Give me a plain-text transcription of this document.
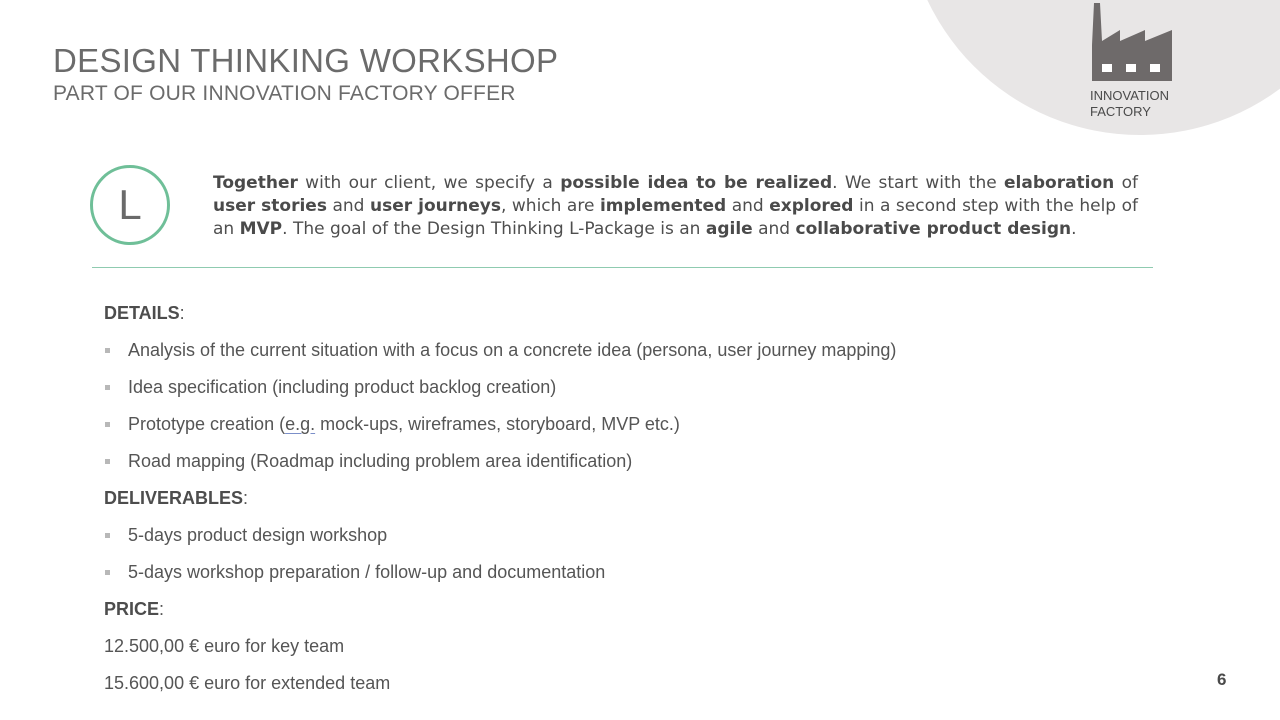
INNOVATION
FACTORY
DESIGN THINKING WORKSHOP
PART OF OUR INNOVATION FACTORY OFFER
L	Together with our client, we specify a possible idea to be realized. We start with the elaboration of user stories and user journeys, which are implemented and explored in a second step with the help of an MVP. The goal of the Design Thinking L-Package is an agile and collaborative product design.

DETAILS:
Analysis of the current situation with a focus on a concrete idea (persona, user journey mapping)
Idea specification (including product backlog creation)
Prototype creation (e.g. mock-ups, wireframes, storyboard, MVP etc.)
Road mapping (Roadmap including problem area identification)
DELIVERABLES:
5-days product design workshop
5-days workshop preparation / follow-up and documentation
PRICE:
12.500,00 € euro for key team
15.600,00 € euro for extended team	6
